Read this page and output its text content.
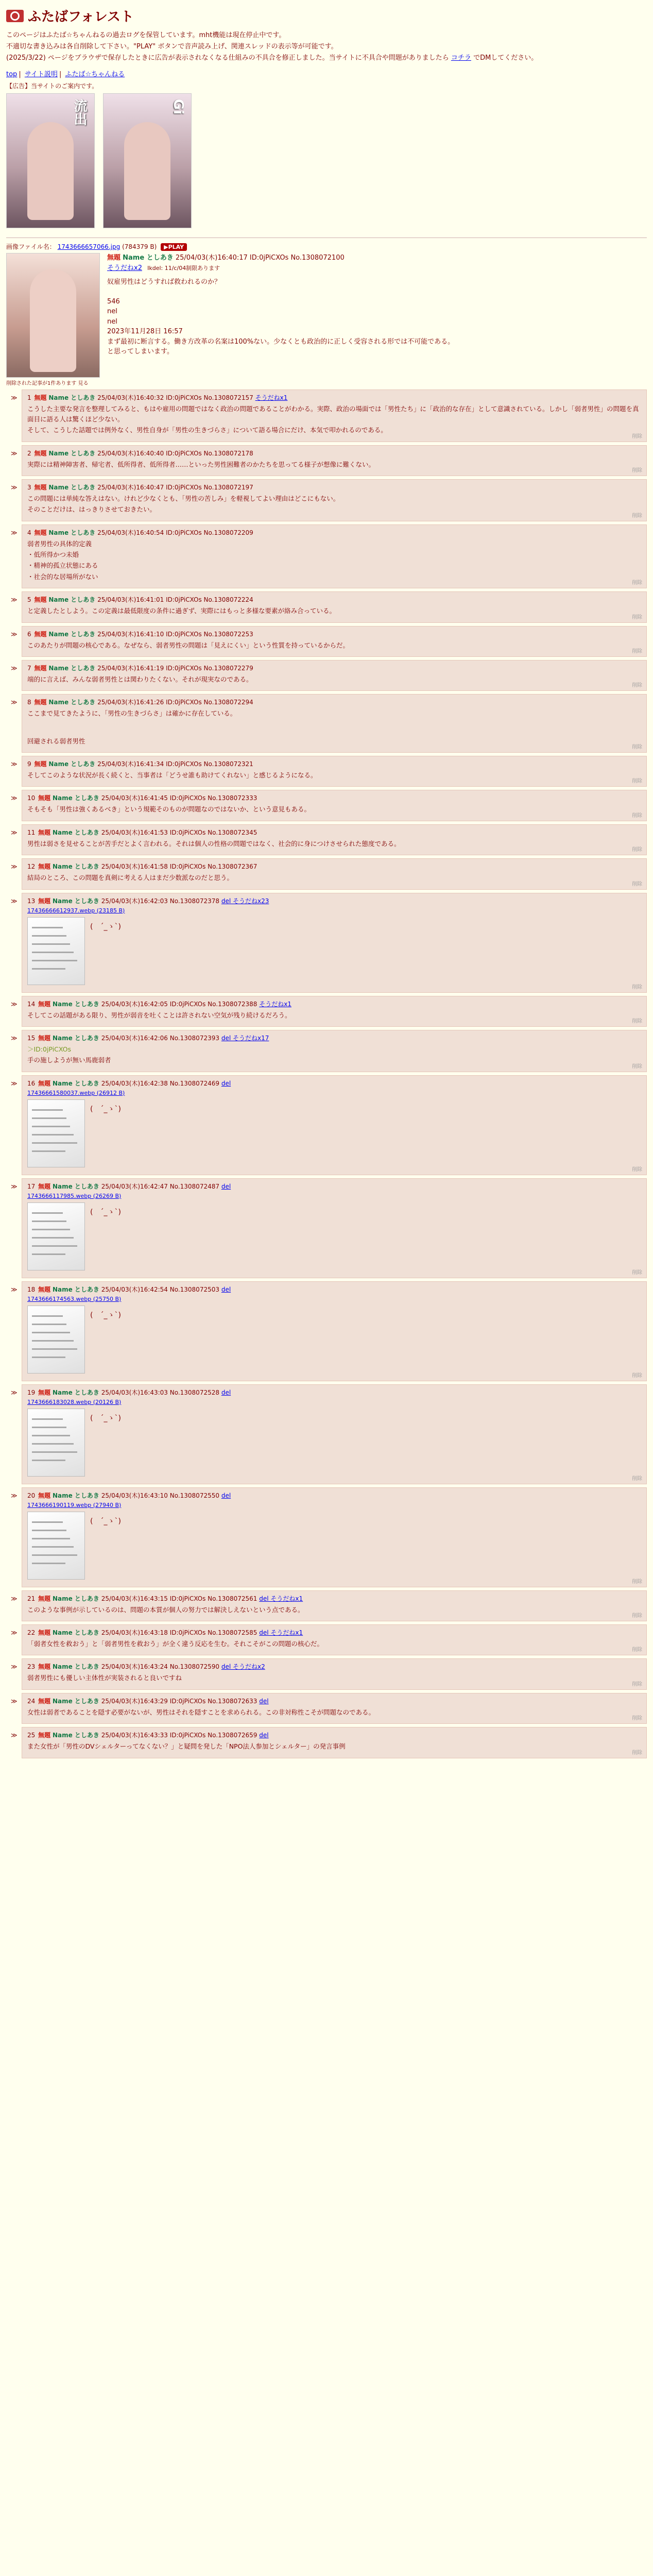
ふたばフォレスト

このページはふたば☆ちゃんねるの過去ログを保管しています。mht機能は現在停止中です。

不適切な書き込みは各自削除して下さい。"PLAY" ボタンで音声読み上げ、関連スレッドの表示等が可能です。

(2025/3/22) ページをブラウザで保存したときに広告が表示されなくなる仕組みの不具合を修正しました。当サイトに不具合や問題がありましたら コチラ でDMしてください。

top | サイト説明 | ふたば☆ちゃんねる
【広告】当サイトのご案内です。
流出	Gi
画像ファイル名： 1743666657066.jpg (784379 B) ▶PLAY
削除された記事が1件あります 見る
無題 Name としあき 25/04/03(木)16:40:17 ID:0jPiCXOs No.1308072100
そうだねx2 Ikdel: 11/c/04制限あります
奴雇男性はどうすれば救われるのか？
546
nel
nel
2023年11月28日 16:57
まず最初に断言する。働き方改革の名案は100%ない。少なくとも政治的に正しく受容される形では不可能である。
と思ってしまいます。
≫ 1 無題 Name としあき 25/04/03(木)16:40:32 ID:0jPiCXOs No.1308072157 そうだねx1

こうした主要な発言を整理してみると、もはや雇用の問題ではなく政治の問題であることがわかる。実際、政治の場面では「男性たち」に「政治的な存在」として意識されている。しかし「弱者男性」の問題を真面目に語る人は驚くほど少ない。

そして、こうした話題では例外なく、男性自身が「男性の生きづらさ」について語る場合にだけ、本気で叩かれるのである。

削除
≫ 2 無題 Name としあき 25/04/03(木)16:40:40 ID:0jPiCXOs No.1308072178

実際には精神障害者、帰宅者、低所得者、低所得者……といった男性困難者のかたちを思ってる様子が想像に難くない。

削除
≫ 3 無題 Name としあき 25/04/03(木)16:40:47 ID:0jPiCXOs No.1308072197

この問題には単純な答えはない。けれど少なくとも、「男性の苦しみ」を軽視してよい理由はどこにもない。

そのことだけは、はっきりさせておきたい。

削除
≫ 4 無題 Name としあき 25/04/03(木)16:40:54 ID:0jPiCXOs No.1308072209

弱者男性の具体的定義

・低所得かつ未婚

・精神的孤立状態にある

・社会的な居場所がない

削除
≫ 5 無題 Name としあき 25/04/03(木)16:41:01 ID:0jPiCXOs No.1308072224

と定義したとしよう。この定義は最低限度の条件に過ぎず、実際にはもっと多様な要素が絡み合っている。

削除
≫ 6 無題 Name としあき 25/04/03(木)16:41:10 ID:0jPiCXOs No.1308072253

このあたりが問題の核心である。なぜなら、弱者男性の問題は「見えにくい」という性質を持っているからだ。

削除
≫ 7 無題 Name としあき 25/04/03(木)16:41:19 ID:0jPiCXOs No.1308072279

端的に言えば、みんな弱者男性とは関わりたくない。それが現実なのである。

削除
≫ 8 無題 Name としあき 25/04/03(木)16:41:26 ID:0jPiCXOs No.1308072294

ここまで見てきたように、「男性の生きづらさ」は確かに存在している。

回避される弱者男性

削除
≫ 9 無題 Name としあき 25/04/03(木)16:41:34 ID:0jPiCXOs No.1308072321

そしてこのような状況が長く続くと、当事者は「どうせ誰も助けてくれない」と感じるようになる。

削除
≫ 10 無題 Name としあき 25/04/03(木)16:41:45 ID:0jPiCXOs No.1308072333

そもそも「男性は強くあるべき」という規範そのものが問題なのではないか、という意見もある。

削除
≫ 11 無題 Name としあき 25/04/03(木)16:41:53 ID:0jPiCXOs No.1308072345

男性は弱さを見せることが苦手だとよく言われる。それは個人の性格の問題ではなく、社会的に身につけさせられた態度である。

削除
≫ 12 無題 Name としあき 25/04/03(木)16:41:58 ID:0jPiCXOs No.1308072367

結局のところ、この問題を真剣に考える人はまだ少数派なのだと思う。

削除
≫ 13 無題 Name としあき 25/04/03(木)16:42:03 No.1308072378 del そうだねx23
17436666612937.webp (23185 B)
(　´_ゝ`)
削除
≫ 14 無題 Name としあき 25/04/03(木)16:42:05 ID:0jPiCXOs No.1308072388 そうだねx1

そしてこの話題がある限り、男性が弱音を吐くことは許されない空気が残り続けるだろう。

削除
≫ 15 無題 Name としあき 25/04/03(木)16:42:06 No.1308072393 del そうだねx17

＞ID:0jPiCXOs

手の施しようが無い馬鹿弱者

削除
≫ 16 無題 Name としあき 25/04/03(木)16:42:38 No.1308072469 del
17436661580037.webp (26912 B)
(　´_ゝ`)
削除
≫ 17 無題 Name としあき 25/04/03(木)16:42:47 No.1308072487 del
1743666117985.webp (26269 B)
(　´_ゝ`)
削除
≫ 18 無題 Name としあき 25/04/03(木)16:42:54 No.1308072503 del
1743666174563.webp (25750 B)
(　´_ゝ`)
削除
≫ 19 無題 Name としあき 25/04/03(木)16:43:03 No.1308072528 del
1743666183028.webp (20126 B)
(　´_ゝ`)
削除
≫ 20 無題 Name としあき 25/04/03(木)16:43:10 No.1308072550 del
1743666190119.webp (27940 B)
(　´_ゝ`)
削除
≫ 21 無題 Name としあき 25/04/03(木)16:43:15 ID:0jPiCXOs No.1308072561 del そうだねx1

このような事例が示しているのは、問題の本質が個人の努力では解決しえないという点である。

削除
≫ 22 無題 Name としあき 25/04/03(木)16:43:18 ID:0jPiCXOs No.1308072585 del そうだねx1

「弱者女性を救おう」と「弱者男性を救おう」が全く違う反応を生む。それこそがこの問題の核心だ。

削除
≫ 23 無題 Name としあき 25/04/03(木)16:43:24 No.1308072590 del そうだねx2

弱者男性にも優しい主体性が実装されると良いですね

削除
≫ 24 無題 Name としあき 25/04/03(木)16:43:29 ID:0jPiCXOs No.1308072633 del

女性は弱者であることを隠す必要がないが、男性はそれを隠すことを求められる。この非対称性こそが問題なのである。

削除
≫ 25 無題 Name としあき 25/04/03(木)16:43:33 ID:0jPiCXOs No.1308072659 del

また女性が「男性のDVシェルターってなくない？」と疑問を発した「NPO法人参加とシェルター」の発言事例

削除
